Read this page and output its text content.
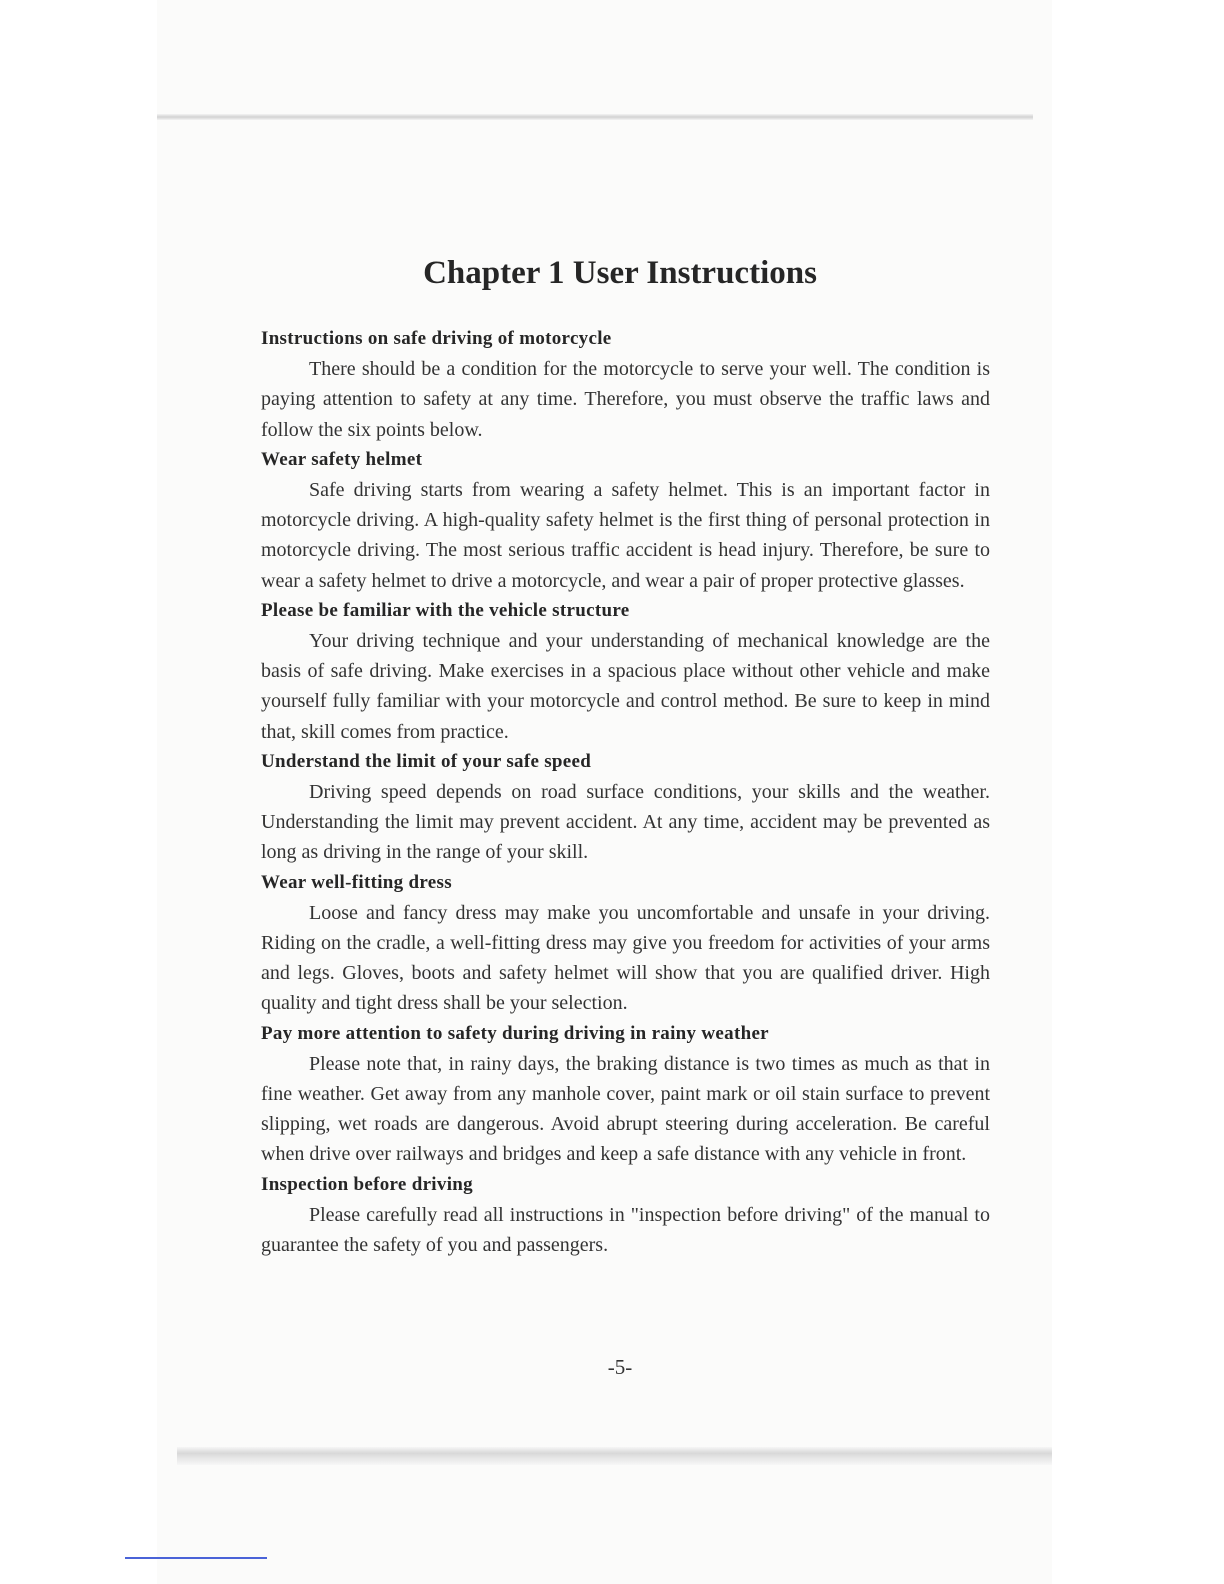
Chapter 1 User Instructions
Instructions on safe driving of motorcycle

There should be a condition for the motorcycle to serve your well. The condition is paying attention to safety at any time. Therefore, you must observe the traffic laws and follow the six points below.

Wear safety helmet

Safe driving starts from wearing a safety helmet. This is an important factor in motorcycle driving. A high-quality safety helmet is the first thing of personal protection in motorcycle driving. The most serious traffic accident is head injury. Therefore, be sure to wear a safety helmet to drive a motorcycle, and wear a pair of proper protective glasses.

Please be familiar with the vehicle structure

Your driving technique and your understanding of mechanical knowledge are the basis of safe driving. Make exercises in a spacious place without other vehicle and make yourself fully familiar with your motorcycle and control method. Be sure to keep in mind that, skill comes from practice.

Understand the limit of your safe speed

Driving speed depends on road surface conditions, your skills and the weather. Understanding the limit may prevent accident. At any time, accident may be prevented as long as driving in the range of your skill.

Wear well-fitting dress

Loose and fancy dress may make you uncomfortable and unsafe in your driving. Riding on the cradle, a well-fitting dress may give you freedom for activities of your arms and legs. Gloves, boots and safety helmet will show that you are qualified driver. High quality and tight dress shall be your selection.

Pay more attention to safety during driving in rainy weather

Please note that, in rainy days, the braking distance is two times as much as that in fine weather. Get away from any manhole cover, paint mark or oil stain surface to prevent slipping, wet roads are dangerous. Avoid abrupt steering during acceleration. Be careful when drive over railways and bridges and keep a safe distance with any vehicle in front.

Inspection before driving

Please carefully read all instructions in "inspection before driving" of the manual to guarantee the safety of you and passengers.

-5-
